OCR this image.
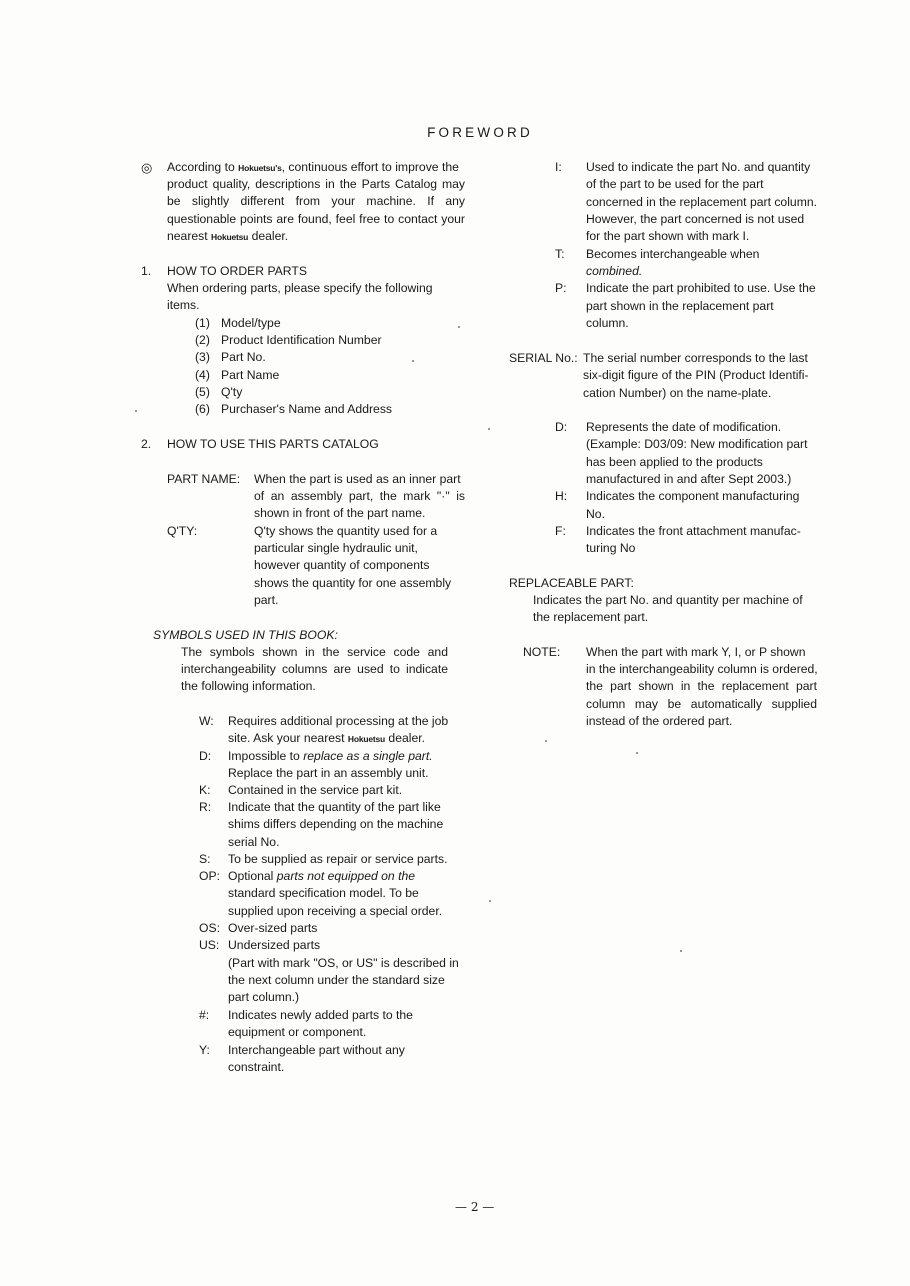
FOREWORD
◎ According to Hokuetsu's, continuous effort to improve the
product quality, descriptions in the Parts Catalog may
be slightly different from your machine. If any
questionable points are found, feel free to contact your
nearest Hokuetsu dealer.
1. HOW TO ORDER PARTS
When ordering parts, please specify the following
items.
(1) Model/type
(2) Product Identification Number
(3) Part No.
(4) Part Name
(5) Q'ty
(6) Purchaser's Name and Address
2. HOW TO USE THIS PARTS CATALOG
PART NAME: When the part is used as an inner part
of an assembly part, the mark "·" is
shown in front of the part name.
Q'TY:	Q'ty shows the quantity used for a
particular single hydraulic unit,
however quantity of components
shows the quantity for one assembly
part.
SYMBOLS USED IN THIS BOOK:
The symbols shown in the service code and
interchangeability columns are used to indicate
the following information.
W: Requires additional processing at the job
site. Ask your nearest Hokuetsu dealer.
D: Impossible to replace as a single part.
Replace the part in an assembly unit.
K: Contained in the service part kit.
R: Indicate that the quantity of the part like
shims differs depending on the machine
serial No.
S: To be supplied as repair or service parts.
OP: Optional parts not equipped on the
standard specification model. To be
supplied upon receiving a special order.
OS: Over-sized parts
US: Undersized parts
(Part with mark "OS, or US" is described in
the next column under the standard size
part column.)
#: Indicates newly added parts to the
equipment or component.
Y: Interchangeable part without any
constraint.
I: Used to indicate the part No. and quantity
of the part to be used for the part
concerned in the replacement part column.
However, the part concerned is not used
for the part shown with mark I.
T: Becomes interchangeable when
combined.
P: Indicate the part prohibited to use. Use the
part shown in the replacement part
column.
SERIAL No.: The serial number corresponds to the last
six-digit figure of the PIN (Product Identifi-
cation Number) on the name-plate.
D: Represents the date of modification.
(Example: D03/09: New modification part
has been applied to the products
manufactured in and after Sept 2003.)
H: Indicates the component manufacturing
No.
F: Indicates the front attachment manufac-
turing No
REPLACEABLE PART:
Indicates the part No. and quantity per machine of
the replacement part.
NOTE: When the part with mark Y, I, or P shown
in the interchangeability column is ordered,
the part shown in the replacement part
column may be automatically supplied
instead of the ordered part.
— 2 —
